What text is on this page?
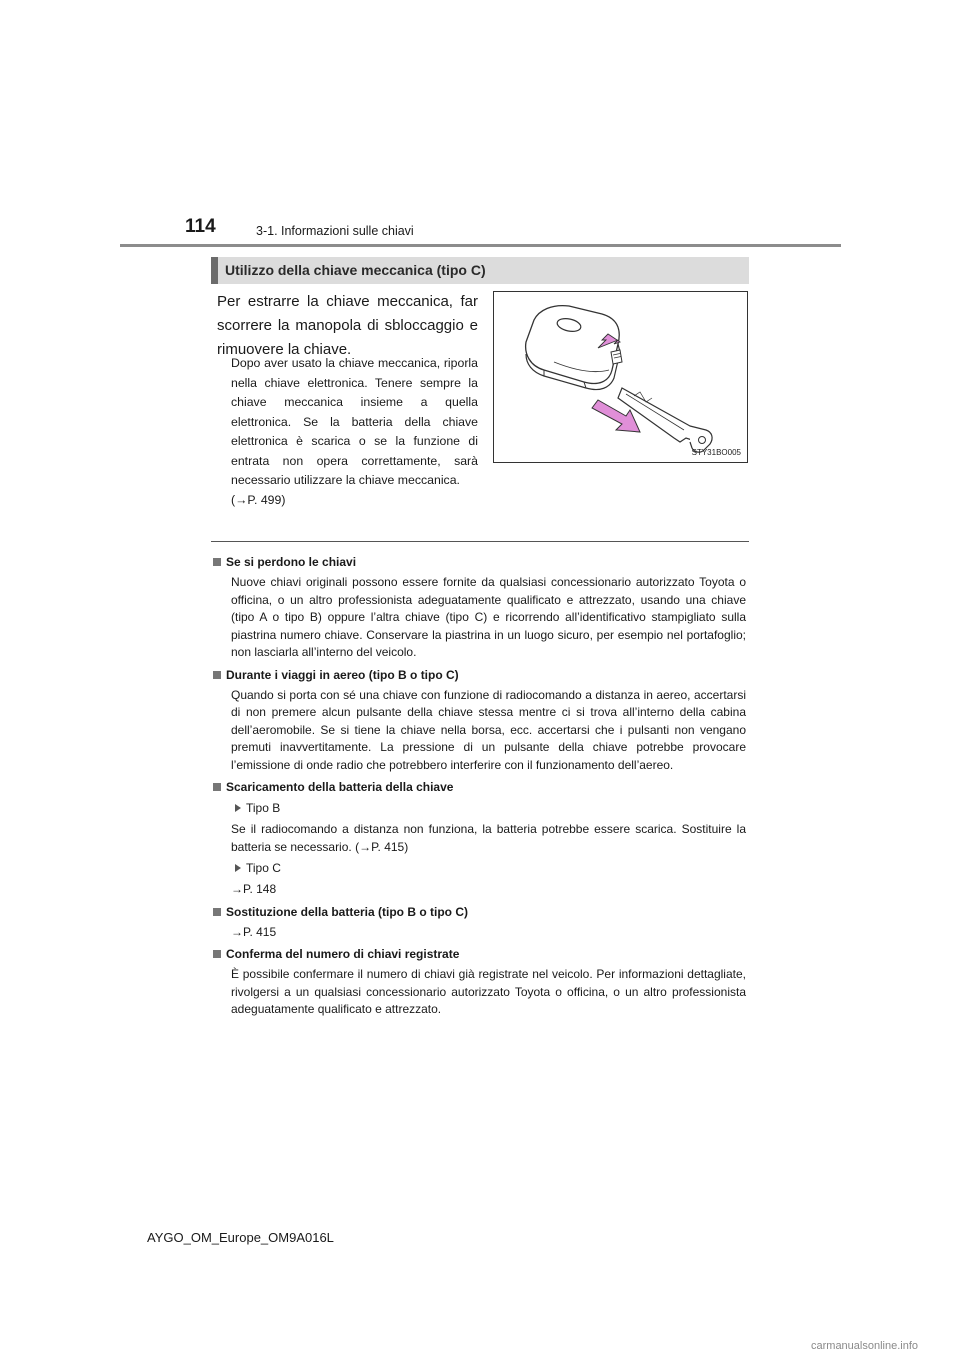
114	3-1. Informazioni sulle chiavi
Utilizzo della chiave meccanica (tipo C)
Per estrarre la chiave meccanica, far scorrere la manopola di sbloccaggio e rimuovere la chiave.
Dopo aver usato la chiave meccanica, riporla nella chiave elettronica. Tenere sempre la chiave meccanica insieme a quella elettronica. Se la batteria della chiave elettronica è scarica o se la funzione di entrata non opera correttamente, sarà necessario utilizzare la chiave meccanica.
(→P. 499)
STY31BO005
Se si perdono le chiavi
Nuove chiavi originali possono essere fornite da qualsiasi concessionario autorizzato Toyota o officina, o un altro professionista adeguatamente qualificato e attrezzato, usando una chiave (tipo A o tipo B) oppure l’altra chiave (tipo C) e ricorrendo all’identificativo stampigliato sulla piastrina numero chiave. Conservare la piastrina in un luogo sicuro, per esempio nel portafoglio; non lasciarla all’interno del veicolo.
Durante i viaggi in aereo (tipo B o tipo C)
Quando si porta con sé una chiave con funzione di radiocomando a distanza in aereo, accertarsi di non premere alcun pulsante della chiave stessa mentre ci si trova all’interno della cabina dell’aeromobile. Se si tiene la chiave nella borsa, ecc. accertarsi che i pulsanti non vengano premuti inavvertitamente. La pressione di un pulsante della chiave potrebbe provocare l’emissione di onde radio che potrebbero interferire con il funzionamento dell’aereo.
Scaricamento della batteria della chiave
Tipo B
Se il radiocomando a distanza non funziona, la batteria potrebbe essere scarica. Sostituire la batteria se necessario. (→P. 415)
Tipo C
→P. 148
Sostituzione della batteria (tipo B o tipo C)
→P. 415
Conferma del numero di chiavi registrate
È possibile confermare il numero di chiavi già registrate nel veicolo. Per informazioni dettagliate, rivolgersi a un qualsiasi concessionario autorizzato Toyota o officina, o un altro professionista adeguatamente qualificato e attrezzato.
AYGO_OM_Europe_OM9A016L
carmanualsonline.info
